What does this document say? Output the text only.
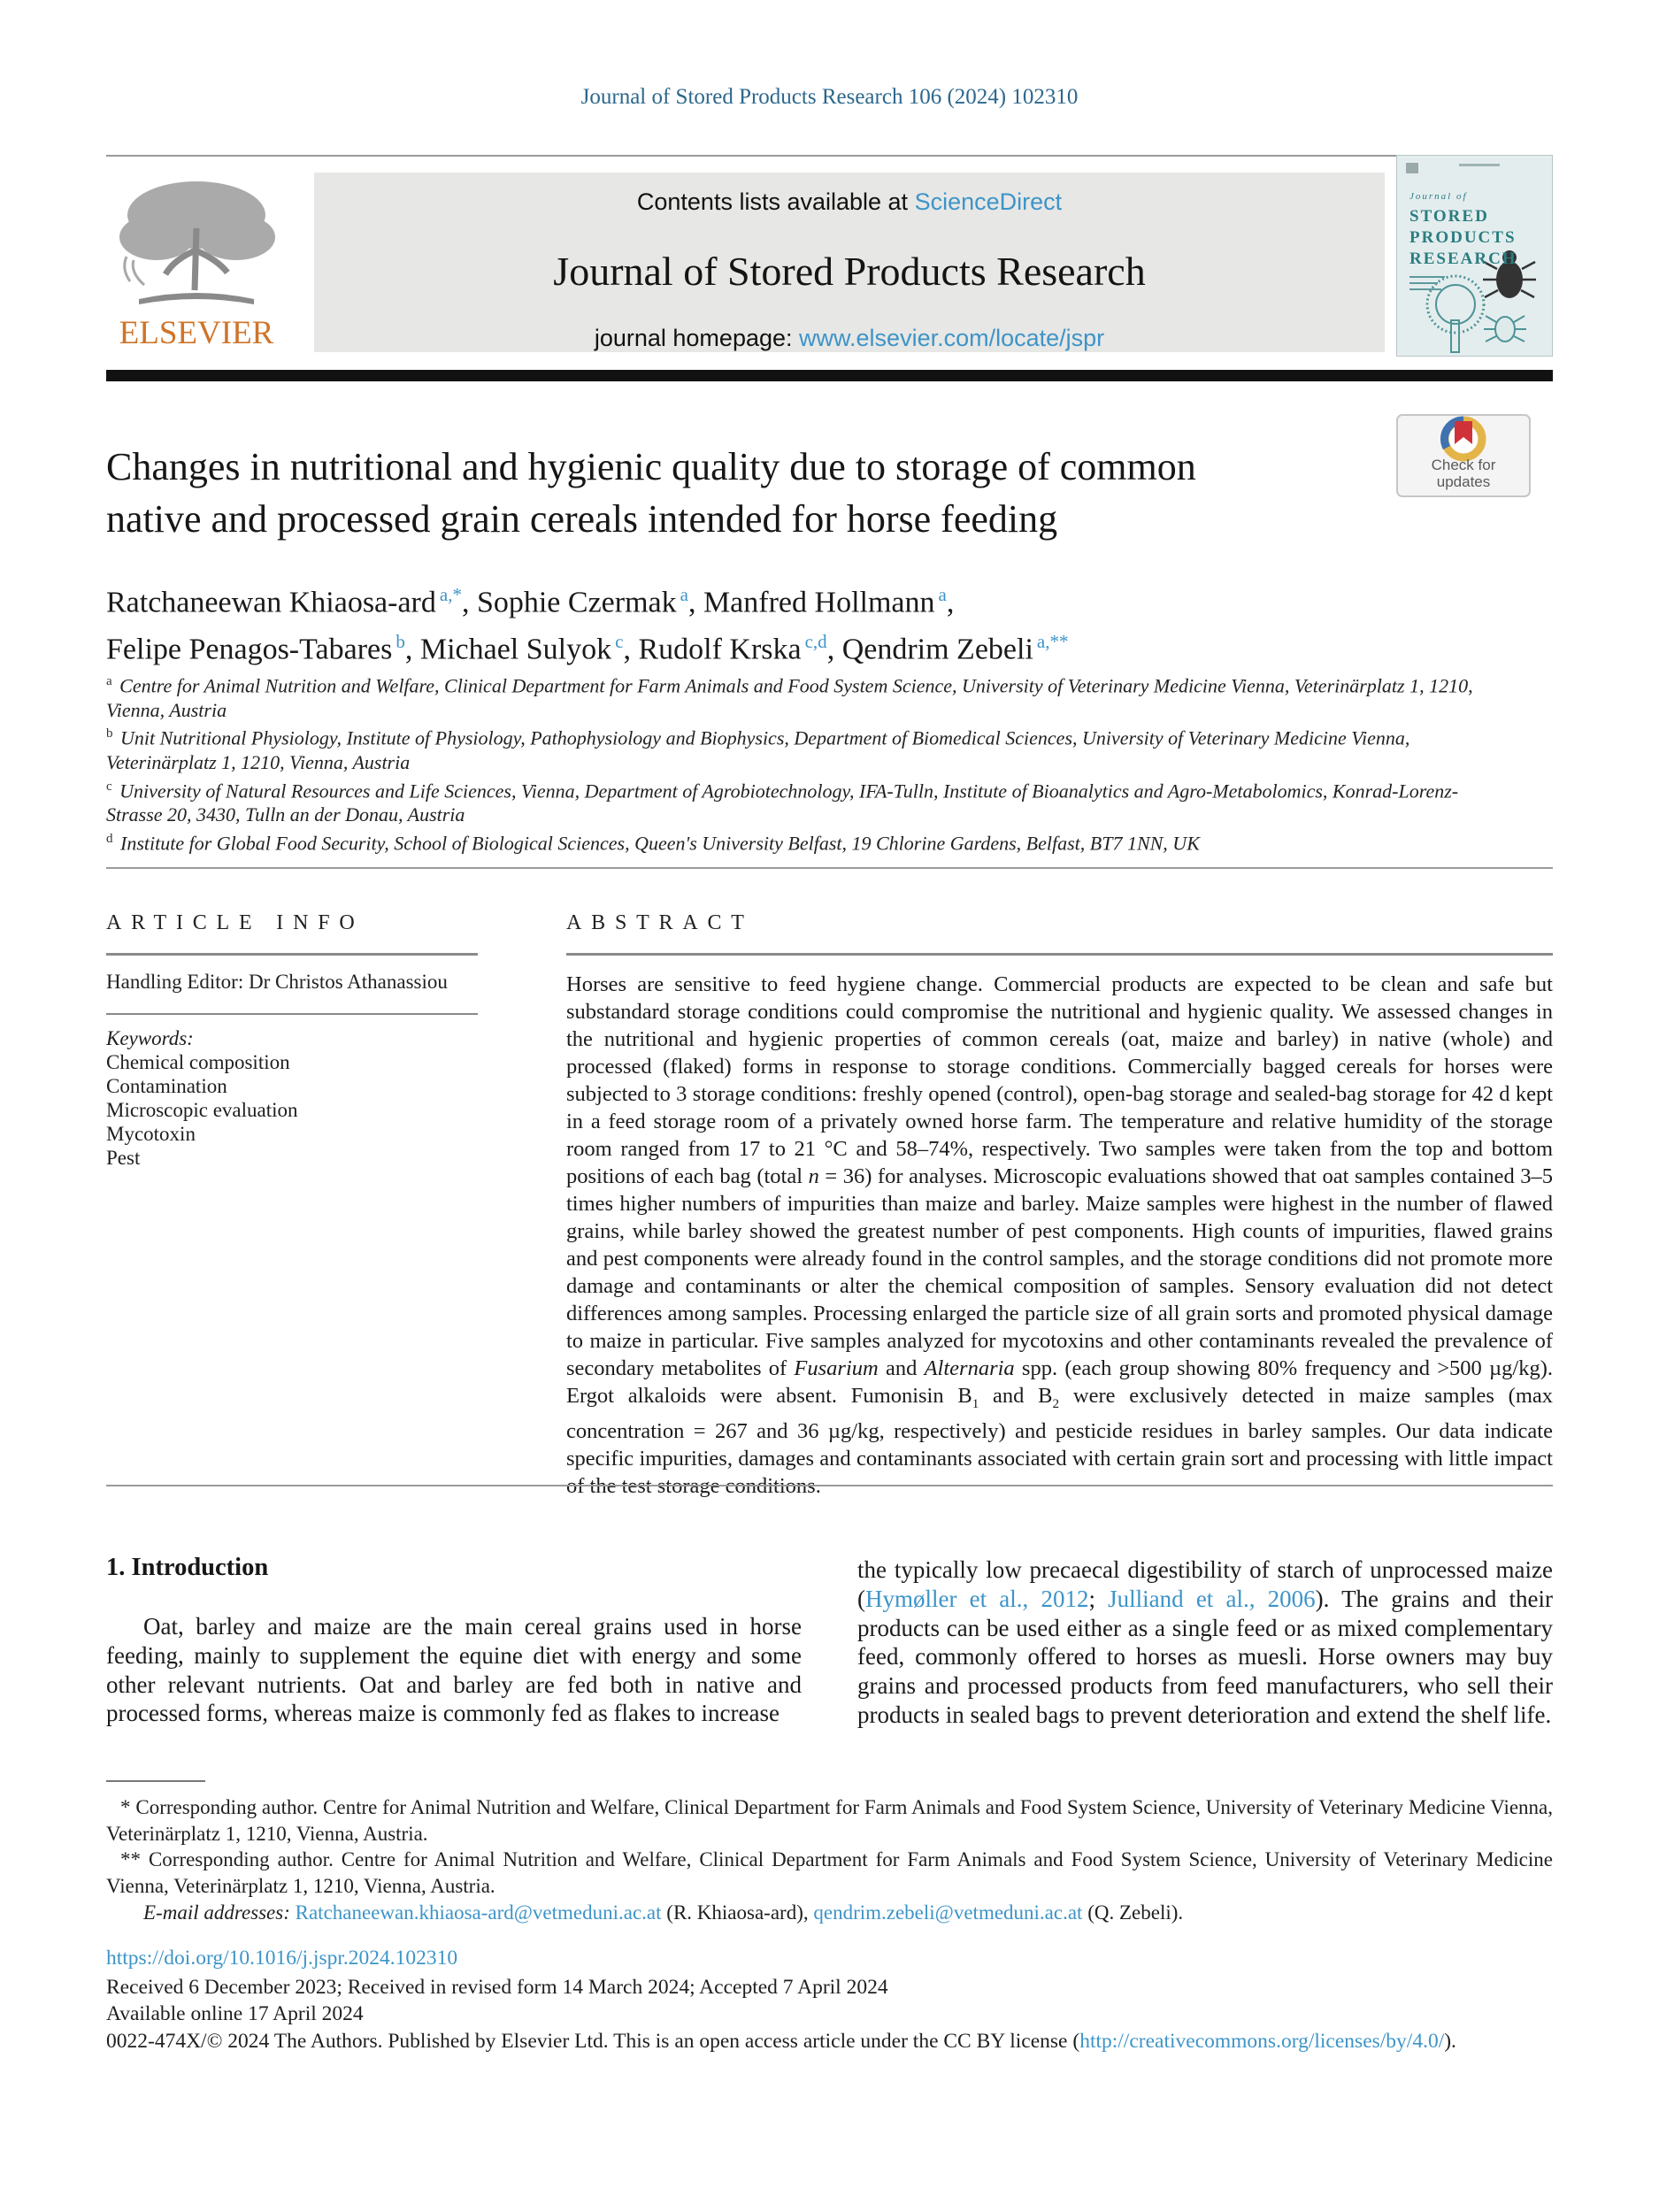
Journal of Stored Products Research 106 (2024) 102310
ELSEVIER
Contents lists available at ScienceDirect
Journal of Stored Products Research
journal homepage: www.elsevier.com/locate/jspr
Journal of
STORED
PRODUCTS
RESEARCH
Check for
updates
Changes in nutritional and hygienic quality due to storage of common
native and processed grain cereals intended for horse feeding
Ratchaneewan Khiaosa-ard $^{a,*}$, Sophie Czermak $^a$, Manfred Hollmann $^a$,
Felipe Penagos-Tabares $^b$, Michael Sulyok $^c$, Rudolf Krska $^{c,d}$, Qendrim Zebeli $^{a,**}$
$^a$ Centre for Animal Nutrition and Welfare, Clinical Department for Farm Animals and Food System Science, University of Veterinary Medicine Vienna, Veterinärplatz 1, 1210, Vienna, Austria
$^b$ Unit Nutritional Physiology, Institute of Physiology, Pathophysiology and Biophysics, Department of Biomedical Sciences, University of Veterinary Medicine Vienna, Veterinärplatz 1, 1210, Vienna, Austria
$^c$ University of Natural Resources and Life Sciences, Vienna, Department of Agrobiotechnology, IFA-Tulln, Institute of Bioanalytics and Agro-Metabolomics, Konrad-Lorenz-Strasse 20, 3430, Tulln an der Donau, Austria
$^d$ Institute for Global Food Security, School of Biological Sciences, Queen's University Belfast, 19 Chlorine Gardens, Belfast, BT7 1NN, UK
ARTICLE INFO
Handling Editor: Dr Christos Athanassiou
Keywords:
Chemical composition
Contamination
Microscopic evaluation
Mycotoxin
Pest
ABSTRACT
Horses are sensitive to feed hygiene change. Commercial products are expected to be clean and safe but substandard storage conditions could compromise the nutritional and hygienic quality. We assessed changes in the nutritional and hygienic properties of common cereals (oat, maize and barley) in native (whole) and processed (flaked) forms in response to storage conditions. Commercially bagged cereals for horses were subjected to 3 storage conditions: freshly opened (control), open-bag storage and sealed-bag storage for 42 d kept in a feed storage room of a privately owned horse farm. The temperature and relative humidity of the storage room ranged from 17 to 21 °C and 58–74%, respectively. Two samples were taken from the top and bottom positions of each bag (total n = 36) for analyses. Microscopic evaluations showed that oat samples contained 3–5 times higher numbers of impurities than maize and barley. Maize samples were highest in the number of flawed grains, while barley showed the greatest number of pest components. High counts of impurities, flawed grains and pest components were already found in the control samples, and the storage conditions did not promote more damage and contaminants or alter the chemical composition of samples. Sensory evaluation did not detect differences among samples. Processing enlarged the particle size of all grain sorts and promoted physical damage to maize in particular. Five samples analyzed for mycotoxins and other contaminants revealed the prevalence of secondary metabolites of Fusarium and Alternaria spp. (each group showing 80% frequency and >500 µg/kg). Ergot alkaloids were absent. Fumonisin $B_1$ and $B_2$ were exclusively detected in maize samples (max concentration = 267 and 36 µg/kg, respectively) and pesticide residues in barley samples. Our data indicate specific impurities, damages and contaminants associated with certain grain sort and processing with little impact of the test storage conditions.
1. Introduction
Oat, barley and maize are the main cereal grains used in horse feeding, mainly to supplement the equine diet with energy and some other relevant nutrients. Oat and barley are fed both in native and processed forms, whereas maize is commonly fed as flakes to increase
the typically low precaecal digestibility of starch of unprocessed maize (Hymøller et al., 2012; Julliand et al., 2006). The grains and their products can be used either as a single feed or as mixed complementary feed, commonly offered to horses as muesli. Horse owners may buy grains and processed products from feed manufacturers, who sell their products in sealed bags to prevent deterioration and extend the shelf life.
* Corresponding author. Centre for Animal Nutrition and Welfare, Clinical Department for Farm Animals and Food System Science, University of Veterinary Medicine Vienna, Veterinärplatz 1, 1210, Vienna, Austria.
** Corresponding author. Centre for Animal Nutrition and Welfare, Clinical Department for Farm Animals and Food System Science, University of Veterinary Medicine Vienna, Veterinärplatz 1, 1210, Vienna, Austria.
E-mail addresses: Ratchaneewan.khiaosa-ard@vetmeduni.ac.at (R. Khiaosa-ard), qendrim.zebeli@vetmeduni.ac.at (Q. Zebeli).
https://doi.org/10.1016/j.jspr.2024.102310
Received 6 December 2023; Received in revised form 14 March 2024; Accepted 7 April 2024
Available online 17 April 2024
0022-474X/© 2024 The Authors. Published by Elsevier Ltd. This is an open access article under the CC BY license (http://creativecommons.org/licenses/by/4.0/).
